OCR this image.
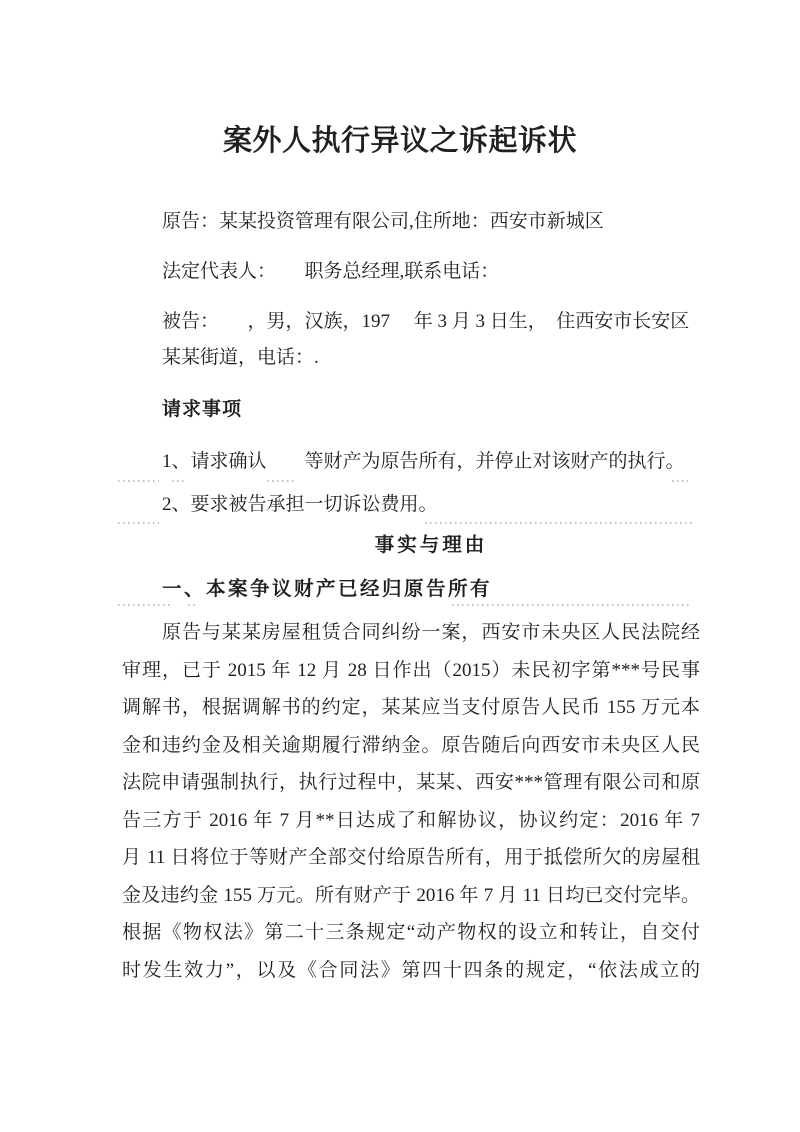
案外人执行异议之诉起诉状
原告：某某投资管理有限公司,住所地：西安市新城区
法定代表人：　　职务总经理,联系电话：
被告：　　，男，汉族，197　 年 3 月 3 日生，　住西安市长安区
某某街道，电话：.
请求事项
1、请求确认　　等财产为原告所有，并停止对该财产的执行。
2、要求被告承担一切诉讼费用。
事实与理由
一、本案争议财产已经归原告所有
原告与某某房屋租赁合同纠纷一案，西安市未央区人民法院经
审理，已于 2015 年 12 月 28 日作出（2015）未民初字第***号民事
调解书，根据调解书的约定，某某应当支付原告人民币 155 万元本
金和违约金及相关逾期履行滞纳金。原告随后向西安市未央区人民
法院申请强制执行，执行过程中，某某、西安***管理有限公司和原
告三方于 2016 年 7 月**日达成了和解协议，协议约定：2016 年 7
月 11 日将位于等财产全部交付给原告所有，用于抵偿所欠的房屋租
金及违约金 155 万元。所有财产于 2016 年 7 月 11 日均已交付完毕。
根据《物权法》第二十三条规定“动产物权的设立和转让，自交付
时发生效力”，以及《合同法》第四十四条的规定，“依法成立的
